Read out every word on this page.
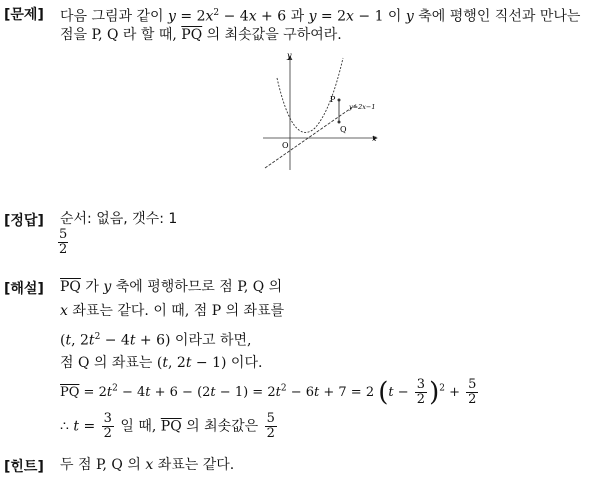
[문제] 다음 그림과 같이 $y = 2x^2 - 4x + 6$ 과 y = 2x − 1 이 y 축에 평행인 직선과 만나는
점을 P, Q 라 할 때, $\overline{PQ}$ 의 최솟값을 구하여라.
y
x
O
P
Q
y=2x−1
[정답] 순서: 없음, 갯수: 1
$\frac{5}{2}$
[해설] $\overline{PQ}$ 가 y 축에 평행하므로 점 P, Q 의
x 좌표는 같다. 이 때, 점 P 의 좌표를
(t, $2t^2 - 4t + 6$) 이라고 하면,
점 Q 의 좌표는 (t, 2t − 1) 이다.
$\overline{PQ} = 2t^2 - 4t + 6 - (2t - 1) = 2t^2 - 6t + 7 = 2$ $(t - \frac{3}{2} )^2 + \frac{5}{2}$
∴ $t = \frac{3}{2}$ 일 때, $\overline{PQ}$ 의 최솟값은 $\frac{5}{2}$
[힌트] 두 점 P, Q 의 x 좌표는 같다.
